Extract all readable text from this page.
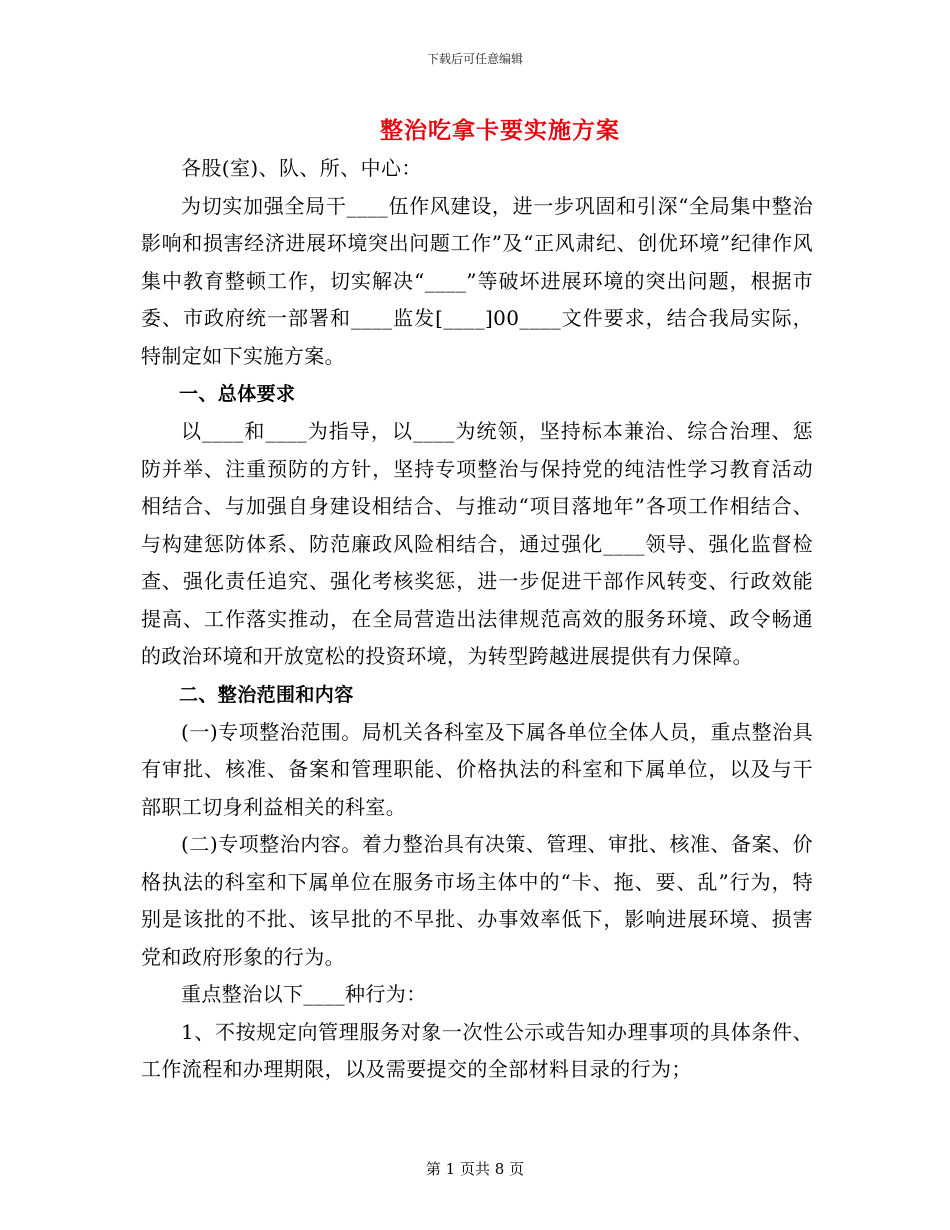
下载后可任意编辑
整治吃拿卡要实施方案

各股(室)、队、所、中心：

为切实加强全局干____伍作风建设，进一步巩固和引深“全局集中整治影响和损害经济进展环境突出问题工作”及“正风肃纪、创优环境”纪律作风集中教育整顿工作，切实解决“____”等破坏进展环境的突出问题，根据市委、市政府统一部署和____监发[____]00____文件要求，结合我局实际，特制定如下实施方案。

一、总体要求

以____和____为指导，以____为统领，坚持标本兼治、综合治理、惩防并举、注重预防的方针，坚持专项整治与保持党的纯洁性学习教育活动相结合、与加强自身建设相结合、与推动“项目落地年”各项工作相结合、与构建惩防体系、防范廉政风险相结合，通过强化____领导、强化监督检查、强化责任追究、强化考核奖惩，进一步促进干部作风转变、行政效能提高、工作落实推动，在全局营造出法律规范高效的服务环境、政令畅通的政治环境和开放宽松的投资环境，为转型跨越进展提供有力保障。

二、整治范围和内容

(一)专项整治范围。局机关各科室及下属各单位全体人员，重点整治具有审批、核准、备案和管理职能、价格执法的科室和下属单位，以及与干部职工切身利益相关的科室。

(二)专项整治内容。着力整治具有决策、管理、审批、核准、备案、价格执法的科室和下属单位在服务市场主体中的“卡、拖、要、乱”行为，特别是该批的不批、该早批的不早批、办事效率低下，影响进展环境、损害党和政府形象的行为。

重点整治以下____种行为：

1、不按规定向管理服务对象一次性公示或告知办理事项的具体条件、工作流程和办理期限，以及需要提交的全部材料目录的行为；

第 1 页共 8 页
